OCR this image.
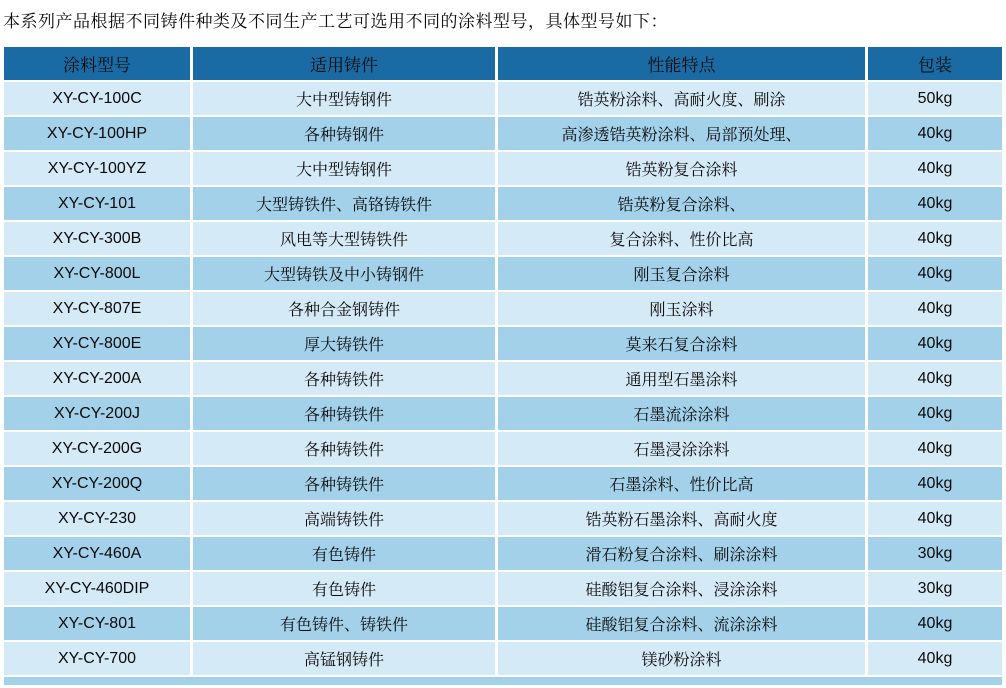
本系列产品根据不同铸件种类及不同生产工艺可选用不同的涂料型号，具体型号如下：
涂料型号	适用铸件	性能特点	包装
XY-CY-100C	大中型铸钢件	锆英粉涂料、高耐火度、刷涂	50kg
XY-CY-100HP	各种铸钢件	高渗透锆英粉涂料、局部预处理、	40kg
XY-CY-100YZ	大中型铸钢件	锆英粉复合涂料	40kg
XY-CY-101	大型铸铁件、高铬铸铁件	锆英粉复合涂料、	40kg
XY-CY-300B	风电等大型铸铁件	复合涂料、性价比高	40kg
XY-CY-800L	大型铸铁及中小铸钢件	刚玉复合涂料	40kg
XY-CY-807E	各种合金钢铸件	刚玉涂料	40kg
XY-CY-800E	厚大铸铁件	莫来石复合涂料	40kg
XY-CY-200A	各种铸铁件	通用型石墨涂料	40kg
XY-CY-200J	各种铸铁件	石墨流涂涂料	40kg
XY-CY-200G	各种铸铁件	石墨浸涂涂料	40kg
XY-CY-200Q	各种铸铁件	石墨涂料、性价比高	40kg
XY-CY-230	高端铸铁件	锆英粉石墨涂料、高耐火度	40kg
XY-CY-460A	有色铸件	滑石粉复合涂料、刷涂涂料	30kg
XY-CY-460DIP	有色铸件	硅酸铝复合涂料、浸涂涂料	30kg
XY-CY-801	有色铸件、铸铁件	硅酸铝复合涂料、流涂涂料	40kg
XY-CY-700	高锰钢铸件	镁砂粉涂料	40kg
